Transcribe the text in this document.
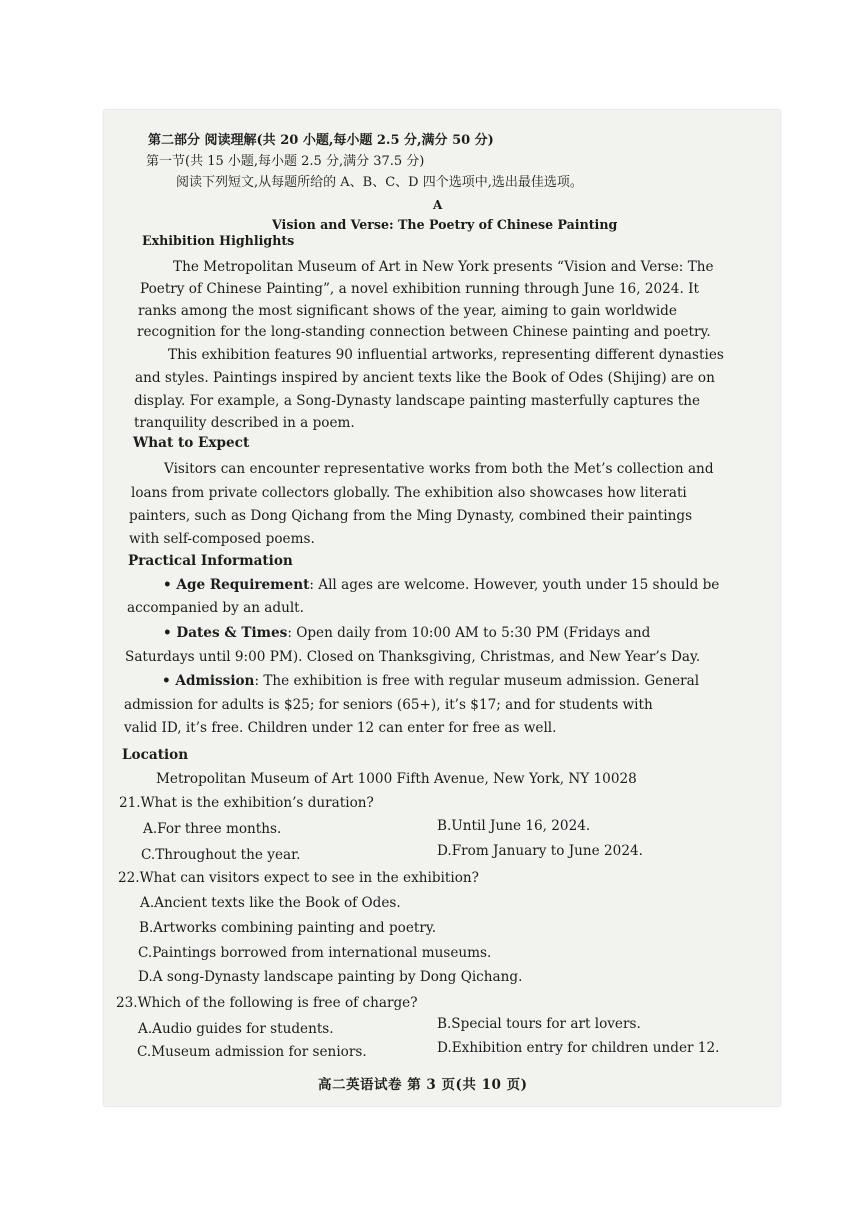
第二部分 阅读理解(共 20 小题,每小题 2.5 分,满分 50 分)
第一节(共 15 小题,每小题 2.5 分,满分 37.5 分)
阅读下列短文,从每题所给的 A、B、C、D 四个选项中,选出最佳选项。
A
Vision and Verse: The Poetry of Chinese Painting
Exhibition Highlights
The Metropolitan Museum of Art in New York presents “Vision and Verse: The
Poetry of Chinese Painting”, a novel exhibition running through June 16, 2024. It
ranks among the most significant shows of the year, aiming to gain worldwide
recognition for the long-standing connection between Chinese painting and poetry.
This exhibition features 90 influential artworks, representing different dynasties
and styles. Paintings inspired by ancient texts like the Book of Odes (Shijing) are on
display. For example, a Song-Dynasty landscape painting masterfully captures the
tranquility described in a poem.
What to Expect
Visitors can encounter representative works from both the Met’s collection and
loans from private collectors globally. The exhibition also showcases how literati
painters, such as Dong Qichang from the Ming Dynasty, combined their paintings
with self-composed poems.
Practical Information
• Age Requirement: All ages are welcome. However, youth under 15 should be
accompanied by an adult.
• Dates & Times: Open daily from 10:00 AM to 5:30 PM (Fridays and
Saturdays until 9:00 PM). Closed on Thanksgiving, Christmas, and New Year’s Day.
• Admission: The exhibition is free with regular museum admission. General
admission for adults is $25; for seniors (65+), it’s $17; and for students with
valid ID, it’s free. Children under 12 can enter for free as well.
Location
Metropolitan Museum of Art 1000 Fifth Avenue, New York, NY 10028
21.What is the exhibition’s duration?
A.For three months.	B.Until June 16, 2024.
C.Throughout the year.	D.From January to June 2024.
22.What can visitors expect to see in the exhibition?
A.Ancient texts like the Book of Odes.
B.Artworks combining painting and poetry.
C.Paintings borrowed from international museums.
D.A song-Dynasty landscape painting by Dong Qichang.
23.Which of the following is free of charge?
A.Audio guides for students.	B.Special tours for art lovers.
C.Museum admission for seniors.	D.Exhibition entry for children under 12.
高二英语试卷 第 3 页(共 10 页)
